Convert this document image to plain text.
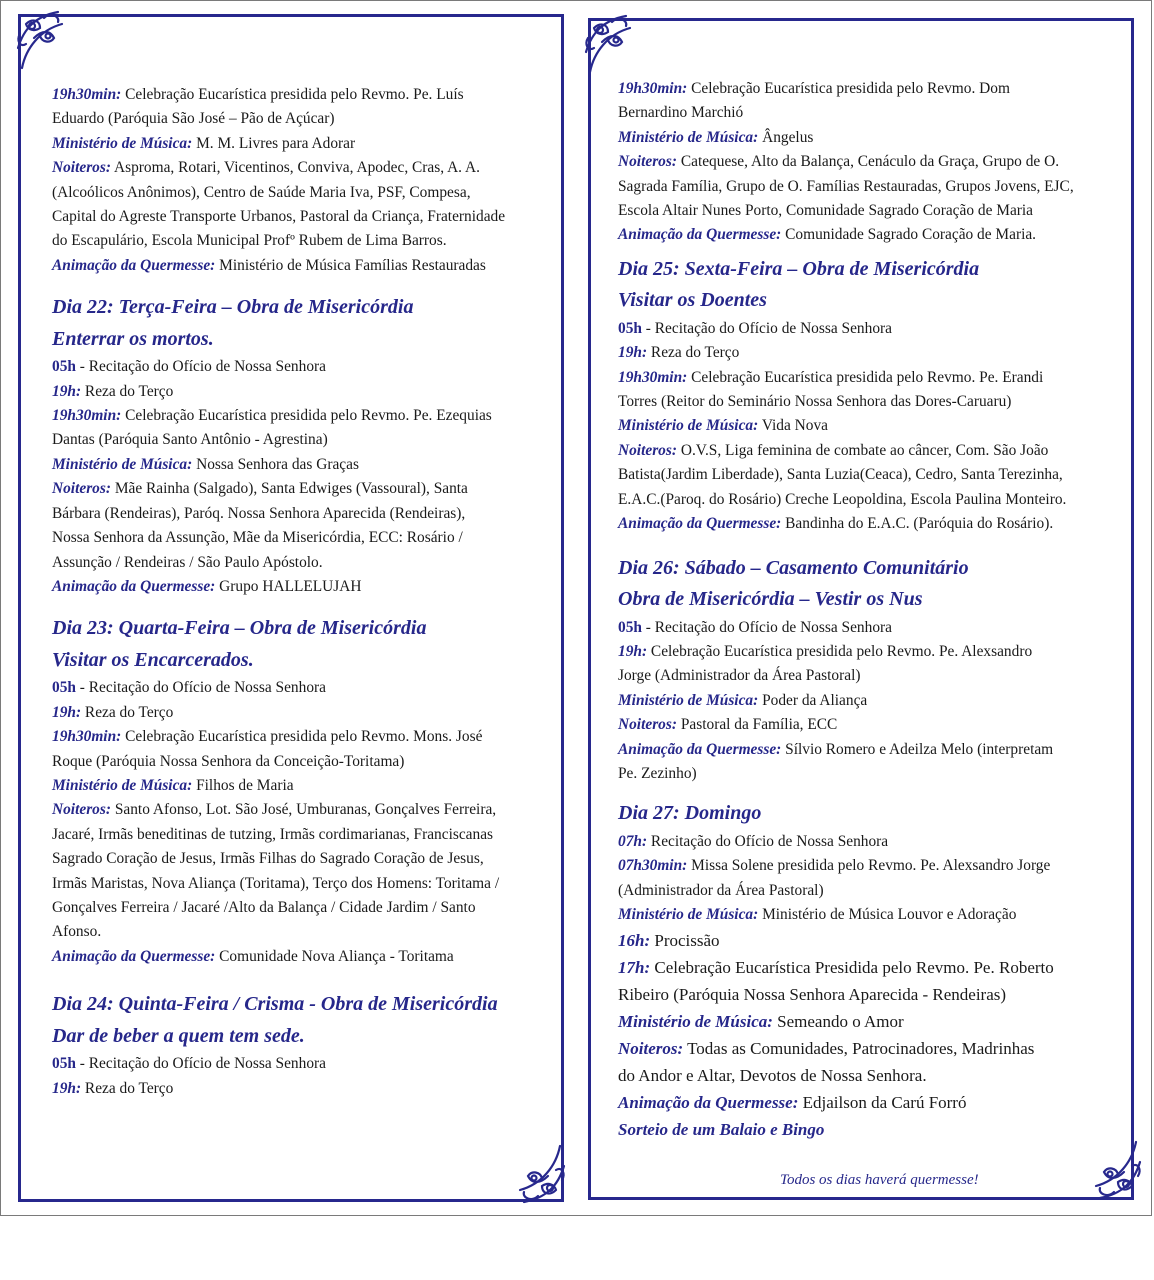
19h30min: Celebração Eucarística presidida pelo Revmo. Pe. Luís
Eduardo (Paróquia São José – Pão de Açúcar)
Ministério de Música: M. M. Livres para Adorar
Noiteros: Asproma, Rotari, Vicentinos, Conviva, Apodec, Cras, A. A.
(Alcoólicos Anônimos), Centro de Saúde Maria Iva, PSF, Compesa,
Capital do Agreste Transporte Urbanos, Pastoral da Criança, Fraternidade
do Escapulário, Escola Municipal Profº Rubem de Lima Barros.
Animação da Quermesse: Ministério de Música Famílias Restauradas
Dia 22: Terça-Feira – Obra de Misericórdia
Enterrar os mortos.
05h - Recitação do Ofício de Nossa Senhora
19h: Reza do Terço
19h30min: Celebração Eucarística presidida pelo Revmo. Pe. Ezequias
Dantas (Paróquia Santo Antônio - Agrestina)
Ministério de Música: Nossa Senhora das Graças
Noiteros: Mãe Rainha (Salgado), Santa Edwiges (Vassoural), Santa
Bárbara (Rendeiras), Paróq. Nossa Senhora Aparecida (Rendeiras),
Nossa Senhora da Assunção, Mãe da Misericórdia, ECC: Rosário /
Assunção / Rendeiras / São Paulo Apóstolo.
Animação da Quermesse: Grupo HALLELUJAH
Dia 23: Quarta-Feira – Obra de Misericórdia
Visitar os Encarcerados.
05h - Recitação do Ofício de Nossa Senhora
19h: Reza do Terço
19h30min: Celebração Eucarística presidida pelo Revmo. Mons. José
Roque (Paróquia Nossa Senhora da Conceição-Toritama)
Ministério de Música: Filhos de Maria
Noiteros: Santo Afonso, Lot. São José, Umburanas, Gonçalves Ferreira,
Jacaré, Irmãs beneditinas de tutzing, Irmãs cordimarianas, Franciscanas
Sagrado Coração de Jesus, Irmãs Filhas do Sagrado Coração de Jesus,
Irmãs Maristas, Nova Aliança (Toritama), Terço dos Homens: Toritama /
Gonçalves Ferreira / Jacaré /Alto da Balança / Cidade Jardim / Santo
Afonso.
Animação da Quermesse: Comunidade Nova Aliança - Toritama
Dia 24: Quinta-Feira / Crisma - Obra de Misericórdia
Dar de beber a quem tem sede.
05h - Recitação do Ofício de Nossa Senhora
19h: Reza do Terço
19h30min: Celebração Eucarística presidida pelo Revmo. Dom
Bernardino Marchió
Ministério de Música: Ângelus
Noiteros: Catequese, Alto da Balança, Cenáculo da Graça, Grupo de O.
Sagrada Família, Grupo de O. Famílias Restauradas, Grupos Jovens, EJC,
Escola Altair Nunes Porto, Comunidade Sagrado Coração de Maria
Animação da Quermesse: Comunidade Sagrado Coração de Maria.
Dia 25: Sexta-Feira – Obra de Misericórdia
Visitar os Doentes
05h - Recitação do Ofício de Nossa Senhora
19h: Reza do Terço
19h30min: Celebração Eucarística presidida pelo Revmo. Pe. Erandi
Torres (Reitor do Seminário Nossa Senhora das Dores-Caruaru)
Ministério de Música: Vida Nova
Noiteros: O.V.S, Liga feminina de combate ao câncer, Com. São João
Batista(Jardim Liberdade), Santa Luzia(Ceaca), Cedro, Santa Terezinha,
E.A.C.(Paroq. do Rosário) Creche Leopoldina, Escola Paulina Monteiro.
Animação da Quermesse: Bandinha do E.A.C. (Paróquia do Rosário).
Dia 26: Sábado – Casamento Comunitário
Obra de Misericórdia – Vestir os Nus
05h - Recitação do Ofício de Nossa Senhora
19h: Celebração Eucarística presidida pelo Revmo. Pe. Alexsandro
Jorge (Administrador da Área Pastoral)
Ministério de Música: Poder da Aliança
Noiteros: Pastoral da Família, ECC
Animação da Quermesse: Sílvio Romero e Adeilza Melo (interpretam
Pe. Zezinho)
Dia 27: Domingo
07h: Recitação do Ofício de Nossa Senhora
07h30min: Missa Solene presidida pelo Revmo. Pe. Alexsandro Jorge
(Administrador da Área Pastoral)
Ministério de Música: Ministério de Música Louvor e Adoração
16h: Procissão
17h: Celebração Eucarística Presidida pelo Revmo. Pe. Roberto
Ribeiro (Paróquia Nossa Senhora Aparecida - Rendeiras)
Ministério de Música: Semeando o Amor
Noiteros: Todas as Comunidades, Patrocinadores, Madrinhas
do Andor e Altar, Devotos de Nossa Senhora.
Animação da Quermesse: Edjailson da Carú Forró
Sorteio de um Balaio e Bingo
Todos os dias haverá quermesse!
